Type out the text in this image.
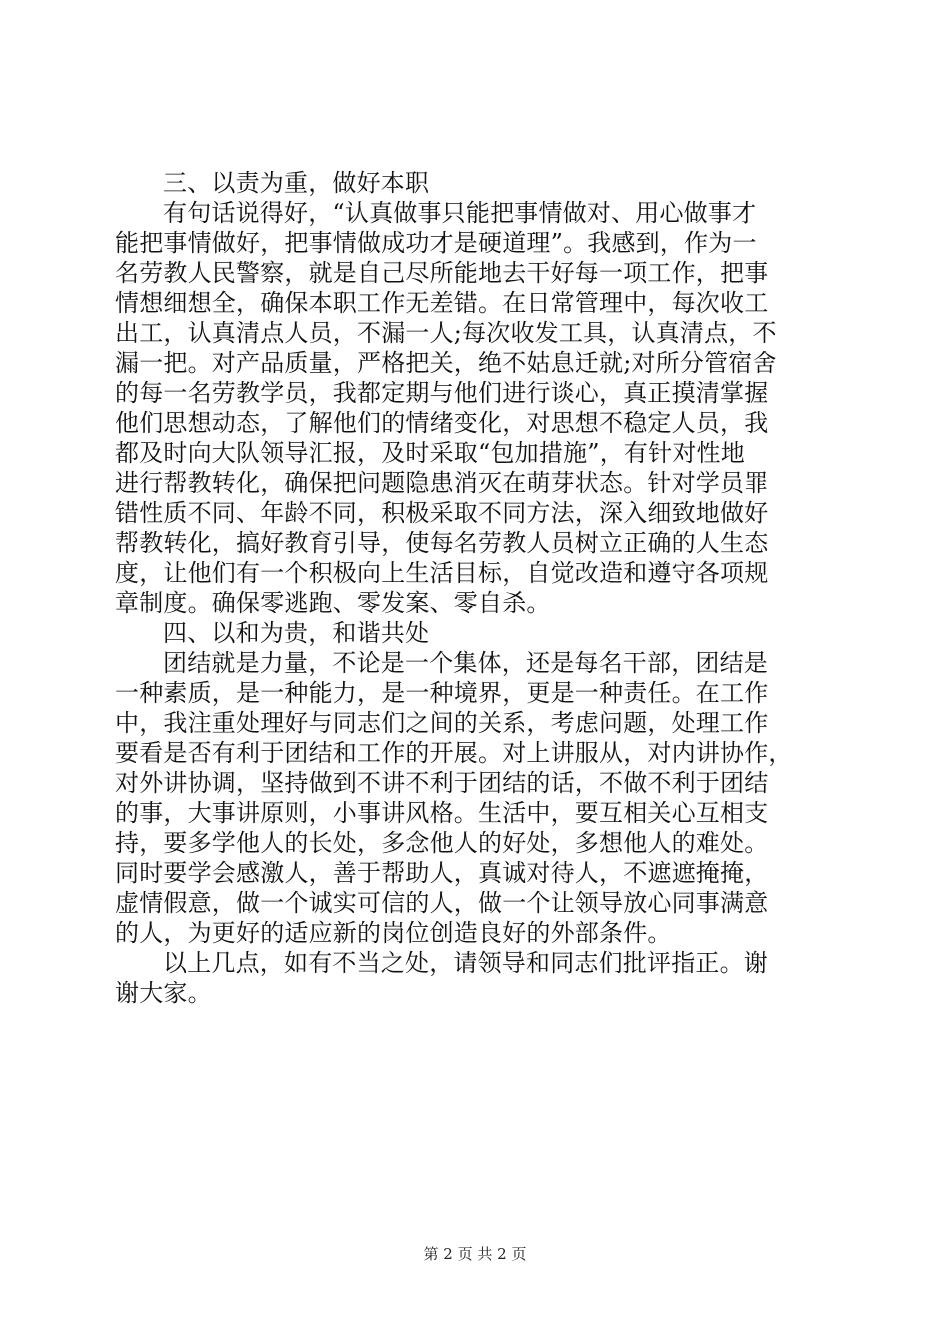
三、以责为重，做好本职
有句话说得好，“认真做事只能把事情做对、用心做事才
能把事情做好，把事情做成功才是硬道理”。我感到，作为一
名劳教人民警察，就是自己尽所能地去干好每一项工作，把事
情想细想全，确保本职工作无差错。在日常管理中，每次收工
出工，认真清点人员，不漏一人;每次收发工具，认真清点，不
漏一把。对产品质量，严格把关，绝不姑息迁就;对所分管宿舍
的每一名劳教学员，我都定期与他们进行谈心，真正摸清掌握
他们思想动态，了解他们的情绪变化，对思想不稳定人员，我
都及时向大队领导汇报，及时采取“包加措施”，有针对性地
进行帮教转化，确保把问题隐患消灭在萌芽状态。针对学员罪
错性质不同、年龄不同，积极采取不同方法，深入细致地做好
帮教转化，搞好教育引导，使每名劳教人员树立正确的人生态
度，让他们有一个积极向上生活目标，自觉改造和遵守各项规
章制度。确保零逃跑、零发案、零自杀。
四、以和为贵，和谐共处
团结就是力量，不论是一个集体，还是每名干部，团结是
一种素质，是一种能力，是一种境界，更是一种责任。在工作
中，我注重处理好与同志们之间的关系，考虑问题，处理工作
要看是否有利于团结和工作的开展。对上讲服从，对内讲协作，
对外讲协调，坚持做到不讲不利于团结的话，不做不利于团结
的事，大事讲原则，小事讲风格。生活中，要互相关心互相支
持，要多学他人的长处，多念他人的好处，多想他人的难处。
同时要学会感激人，善于帮助人，真诚对待人，不遮遮掩掩，
虚情假意，做一个诚实可信的人，做一个让领导放心同事满意
的人，为更好的适应新的岗位创造良好的外部条件。
以上几点，如有不当之处，请领导和同志们批评指正。谢
谢大家。
第 2 页 共 2 页
